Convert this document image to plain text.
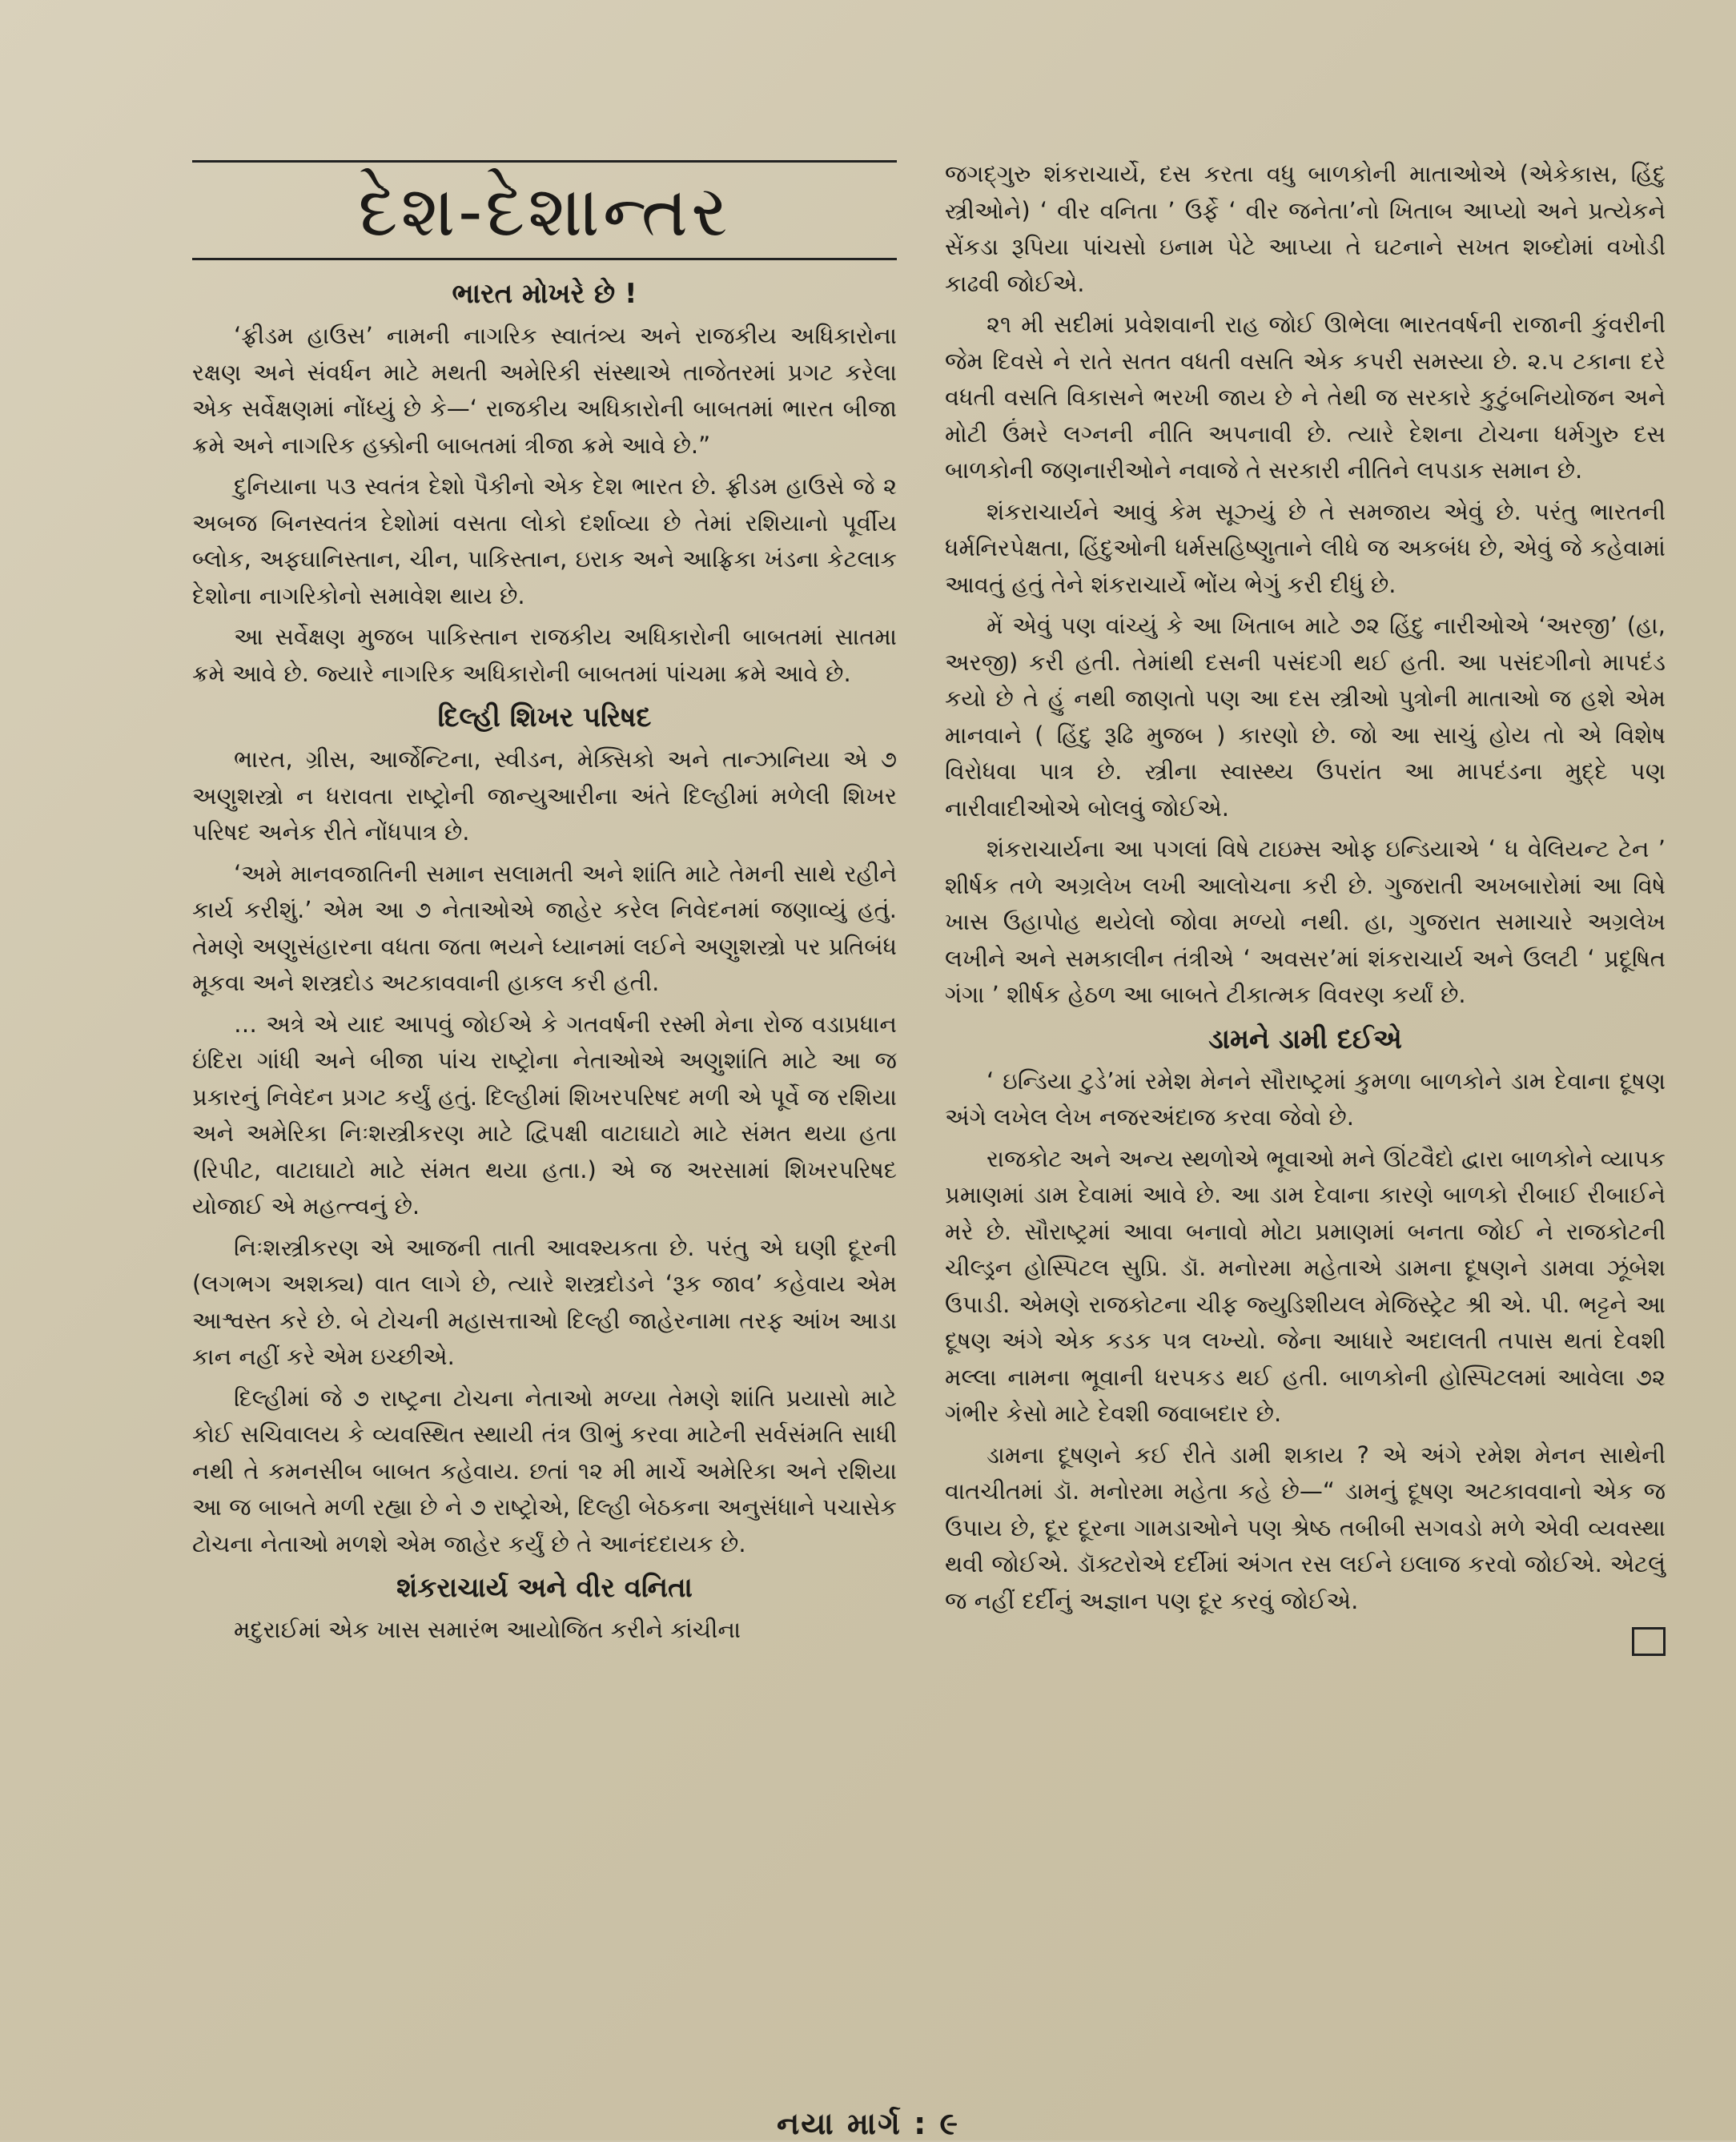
દેશ-દેશાન્તર
ભારત મોખરે છે !

‘ફ્રીડમ હાઉસ’ નામની નાગરિક સ્વાતંત્ર્ય અને રાજકીય અધિકારોના રક્ષણ અને સંવર્ધન માટે મથતી અમેરિકી સંસ્થાએ તાજેતરમાં પ્રગટ કરેલા એક સર્વેક્ષણમાં નોંધ્યું છે કે—‘ રાજકીય અધિકારોની બાબતમાં ભારત બીજા ક્રમે અને નાગરિક હક્કોની બાબતમાં ત્રીજા ક્રમે આવે છે.”

દુનિયાના ૫૩ સ્વતંત્ર દેશો પૈકીનો એક દેશ ભારત છે. ફ્રીડમ હાઉસે જે ૨ અબજ બિનસ્વતંત્ર દેશોમાં વસતા લોકો દર્શાવ્યા છે તેમાં રશિયાનો પૂર્વીય બ્લોક, અફઘાનિસ્તાન, ચીન, પાકિસ્તાન, ઇરાક અને આફ્રિકા ખંડના કેટલાક દેશોના નાગરિકોનો સમાવેશ થાય છે.

આ સર્વેક્ષણ મુજબ પાકિસ્તાન રાજકીય અધિકારોની બાબતમાં સાતમા ક્રમે આવે છે. જ્યારે નાગરિક અધિકારોની બાબતમાં પાંચમા ક્રમે આવે છે.

દિલ્હી શિખર પરિષદ

ભારત, ગ્રીસ, આર્જેન્ટિના, સ્વીડન, મેક્સિકો અને તાન્ઝાનિયા એ ૭ અણુશસ્ત્રો ન ધરાવતા રાષ્ટ્રોની જાન્યુઆરીના અંતે દિલ્હીમાં મળેલી શિખર પરિષદ અનેક રીતે નોંધપાત્ર છે.

‘અમે માનવજાતિની સમાન સલામતી અને શાંતિ માટે તેમની સાથે રહીને કાર્ય કરીશું.’ એમ આ ૭ નેતાઓએ જાહેર કરેલ નિવેદનમાં જણાવ્યું હતું. તેમણે અણુસંહારના વધતા જતા ભયને ધ્યાનમાં લઈને અણુશસ્ત્રો પર પ્રતિબંધ મૂકવા અને શસ્ત્રદોડ અટકાવવાની હાકલ કરી હતી.

… અત્રે એ યાદ આપવું જોઈએ કે ગતવર્ષની રસ્મી મેના રોજ વડાપ્રધાન ઇંદિરા ગાંધી અને બીજા પાંચ રાષ્ટ્રોના નેતાઓએ અણુશાંતિ માટે આ જ પ્રકારનું નિવેદન પ્રગટ કર્યું હતું. દિલ્હીમાં શિખરપરિષદ મળી એ પૂર્વે જ રશિયા અને અમેરિકા નિઃશસ્ત્રીકરણ માટે દ્વિપક્ષી વાટાઘાટો માટે સંમત થયા હતા (રિપીટ, વાટાઘાટો માટે સંમત થયા હતા.) એ જ અરસામાં શિખરપરિષદ યોજાઈ એ મહત્ત્વનું છે.

નિઃશસ્ત્રીકરણ એ આજની તાતી આવશ્યકતા છે. પરંતુ એ ઘણી દૂરની (લગભગ અશક્ય) વાત લાગે છે, ત્યારે શસ્ત્રદોડને ‘રૂક જાવ’ કહેવાય એમ આશ્વસ્ત કરે છે. બે ટોચની મહાસત્તાઓ દિલ્હી જાહેરનામા તરફ આંખ આડા કાન નહીં કરે એમ ઇચ્છીએ.

દિલ્હીમાં જે ૭ રાષ્ટ્રના ટોચના નેતાઓ મળ્યા તેમણે શાંતિ પ્રયાસો માટે કોઈ સચિવાલય કે વ્યવસ્થિત સ્થાયી તંત્ર ઊભું કરવા માટેની સર્વસંમતિ સાધી નથી તે કમનસીબ બાબત કહેવાય. છતાં ૧૨ મી માર્ચે અમેરિકા અને રશિયા આ જ બાબતે મળી રહ્યા છે ને ૭ રાષ્ટ્રોએ, દિલ્હી બેઠકના અનુસંધાને પચાસેક ટોચના નેતાઓ મળશે એમ જાહેર કર્યું છે તે આનંદદાયક છે.

શંકરાચાર્ય અને વીર વનિતા

મદુરાઈમાં એક ખાસ સમારંભ આયોજિત કરીને કાંચીના

જગદ્ગુરુ શંકરાચાર્યે, દસ કરતા વધુ બાળકોની માતાઓએ (એકેકાસ, હિંદુ સ્ત્રીઓને) ‘ વીર વનિતા ’ ઉર્ફે ‘ વીર જનેતા’નો ખિતાબ આપ્યો અને પ્રત્યેકને સેંકડા રૂપિયા પાંચસો ઇનામ પેટે આપ્યા તે ઘટનાને સખત શબ્દોમાં વખોડી કાઢવી જોઈએ.

૨૧ મી સદીમાં પ્રવેશવાની રાહ જોઈ ઊભેલા ભારતવર્ષની રાજાની કુંવરીની જેમ દિવસે ને રાતે સતત વધતી વસતિ એક કપરી સમસ્યા છે. ૨.૫ ટકાના દરે વધતી વસતિ વિકાસને ભરખી જાય છે ને તેથી જ સરકારે કુટુંબનિયોજન અને મોટી ઉંમરે લગ્નની નીતિ અપનાવી છે. ત્યારે દેશના ટોચના ધર્મગુરુ દસ બાળકોની જણનારીઓને નવાજે તે સરકારી નીતિને લપડાક સમાન છે.

શંકરાચાર્યને આવું કેમ સૂઝ્યું છે તે સમજાય એવું છે. પરંતુ ભારતની ધર્મનિરપેક્ષતા, હિંદુઓની ધર્મસહિષ્ણુતાને લીધે જ અકબંધ છે, એવું જે કહેવામાં આવતું હતું તેને શંકરાચાર્યે ભોંય ભેગું કરી દીધું છે.

મેં એવું પણ વાંચ્યું કે આ ખિતાબ માટે ૭૨ હિંદુ નારીઓએ ‘અરજી’ (હા, અરજી) કરી હતી. તેમાંથી દસની પસંદગી થઈ હતી. આ પસંદગીનો માપદંડ કયો છે તે હું નથી જાણતો પણ આ દસ સ્ત્રીઓ પુત્રોની માતાઓ જ હશે એમ માનવાને ( હિંદુ રૂઢિ મુજબ ) કારણો છે. જો આ સાચું હોય તો એ વિશેષ વિરોધવા પાત્ર છે. સ્ત્રીના સ્વાસ્થ્ય ઉપરાંત આ માપદંડના મુદ્દે પણ નારીવાદીઓએ બોલવું જોઈએ.

શંકરાચાર્યના આ પગલાં વિષે ટાઇમ્સ ઓફ ઇન્ડિયાએ ‘ ધ વેલિયન્ટ ટેન ’ શીર્ષક તળે અગ્રલેખ લખી આલોચના કરી છે. ગુજરાતી અખબારોમાં આ વિષે ખાસ ઉહાપોહ થયેલો જોવા મળ્યો નથી. હા, ગુજરાત સમાચારે અગ્રલેખ લખીને અને સમકાલીન તંત્રીએ ‘ અવસર’માં શંકરાચાર્ય અને ઉલટી ‘ પ્રદૂષિત ગંગા ’ શીર્ષક હેઠળ આ બાબતે ટીકાત્મક વિવરણ કર્યાં છે.

ડામને ડામી દઈએ

‘ ઇન્ડિયા ટુડે’માં રમેશ મેનને સૌરાષ્ટ્રમાં કુમળા બાળકોને ડામ દેવાના દૂષણ અંગે લખેલ લેખ નજરઅંદાજ કરવા જેવો છે.

રાજકોટ અને અન્ય સ્થળોએ ભૂવાઓ મને ઊંટવૈદો દ્વારા બાળકોને વ્યાપક પ્રમાણમાં ડામ દેવામાં આવે છે. આ ડામ દેવાના કારણે બાળકો રીબાઈ રીબાઈને મરે છે. સૌરાષ્ટ્રમાં આવા બનાવો મોટા પ્રમાણમાં બનતા જોઈ ને રાજકોટની ચીલ્ડ્રન હોસ્પિટલ સુપ્રિ. ડૉ. મનોરમા મહેતાએ ડામના દૂષણને ડામવા ઝૂંબેશ ઉપાડી. એમણે રાજકોટના ચીફ જ્યુડિશીયલ મેજિસ્ટ્રેટ શ્રી એ. પી. ભટ્ટને આ દૂષણ અંગે એક કડક પત્ર લખ્યો. જેના આધારે અદાલતી તપાસ થતાં દેવશી મલ્લા નામના ભૂવાની ધરપકડ થઈ હતી. બાળકોની હોસ્પિટલમાં આવેલા ૭૨ ગંભીર કેસો માટે દેવશી જવાબદાર છે.

ડામના દૂષણને કઈ રીતે ડામી શકાય ? એ અંગે રમેશ મેનન સાથેની વાતચીતમાં ડૉ. મનોરમા મહેતા કહે છે—“ ડામનું દૂષણ અટકાવવાનો એક જ ઉપાય છે, દૂર દૂરના ગામડાઓને પણ શ્રેષ્ઠ તબીબી સગવડો મળે એવી વ્યવસ્થા થવી જોઈએ. ડૉક્ટરોએ દર્દીમાં અંગત રસ લઈને ઇલાજ કરવો જોઈએ. એટલું જ નહીં દર્દીનું અજ્ઞાન પણ દૂર કરવું જોઈએ.

નયા માર્ગ : ૯
